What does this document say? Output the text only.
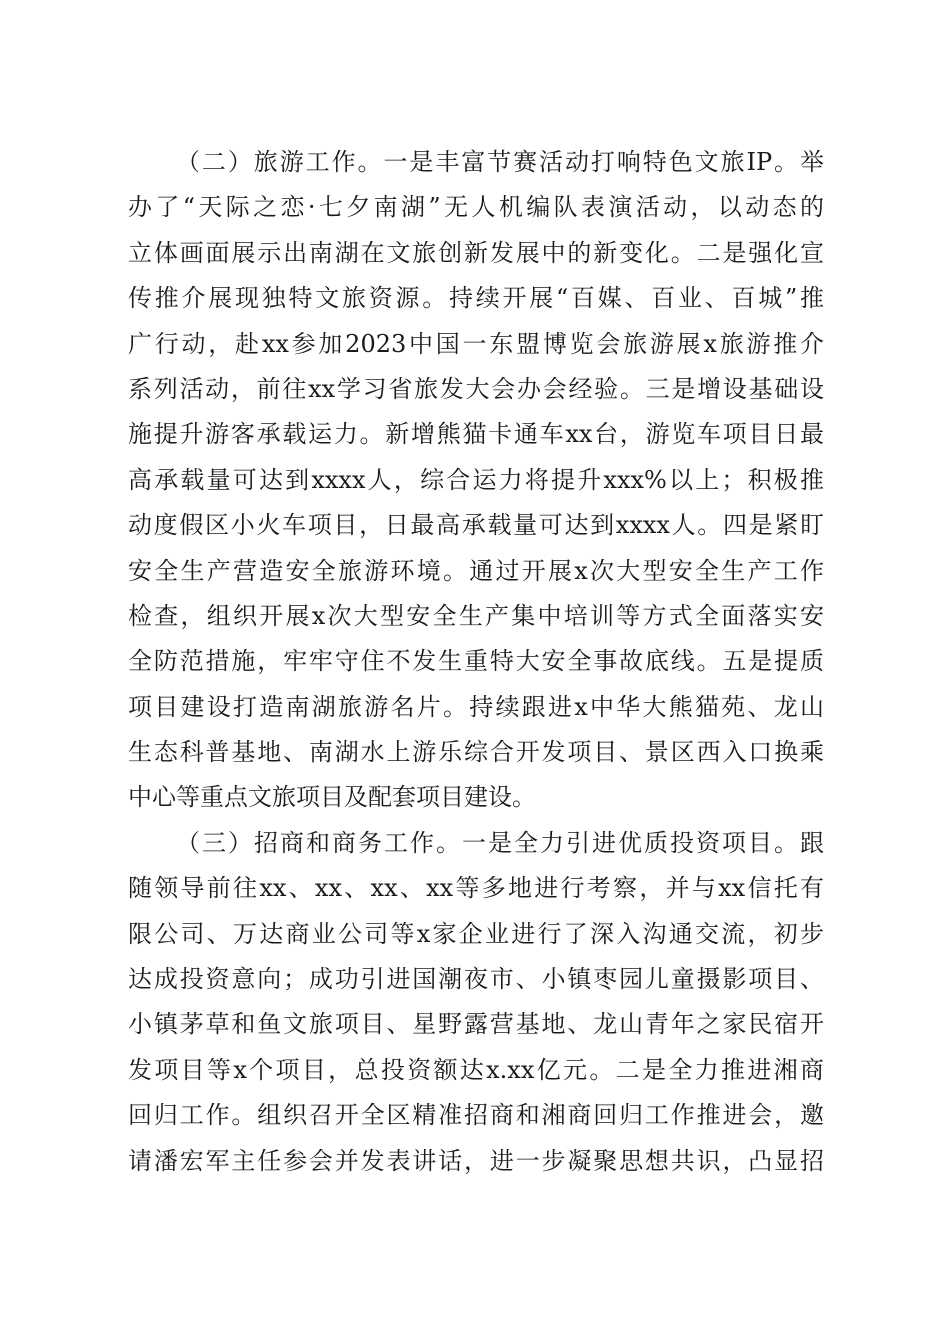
（二）旅游工作。一是丰富节赛活动打响特色文旅IP。举
办了“天际之恋·七夕南湖”无人机编队表演活动，以动态的
立体画面展示出南湖在文旅创新发展中的新变化。二是强化宣
传推介展现独特文旅资源。持续开展“百媒、百业、百城”推
广行动，赴xx参加2023中国一东盟博览会旅游展x旅游推介
系列活动，前往xx学习省旅发大会办会经验。三是增设基础设
施提升游客承载运力。新增熊猫卡通车xx台，游览车项目日最
高承载量可达到xxxx人，综合运力将提升xxx%以上；积极推
动度假区小火车项目，日最高承载量可达到xxxx人。四是紧盯
安全生产营造安全旅游环境。通过开展x次大型安全生产工作
检查，组织开展x次大型安全生产集中培训等方式全面落实安
全防范措施，牢牢守住不发生重特大安全事故底线。五是提质
项目建设打造南湖旅游名片。持续跟进x中华大熊猫苑、龙山
生态科普基地、南湖水上游乐综合开发项目、景区西入口换乘
中心等重点文旅项目及配套项目建设。
（三）招商和商务工作。一是全力引进优质投资项目。跟
随领导前往xx、xx、xx、xx等多地进行考察，并与xx信托有
限公司、万达商业公司等x家企业进行了深入沟通交流，初步
达成投资意向；成功引进国潮夜市、小镇枣园儿童摄影项目、
小镇茅草和鱼文旅项目、星野露营基地、龙山青年之家民宿开
发项目等x个项目，总投资额达x.xx亿元。二是全力推进湘商
回归工作。组织召开全区精准招商和湘商回归工作推进会，邀
请潘宏军主任参会并发表讲话，进一步凝聚思想共识，凸显招
